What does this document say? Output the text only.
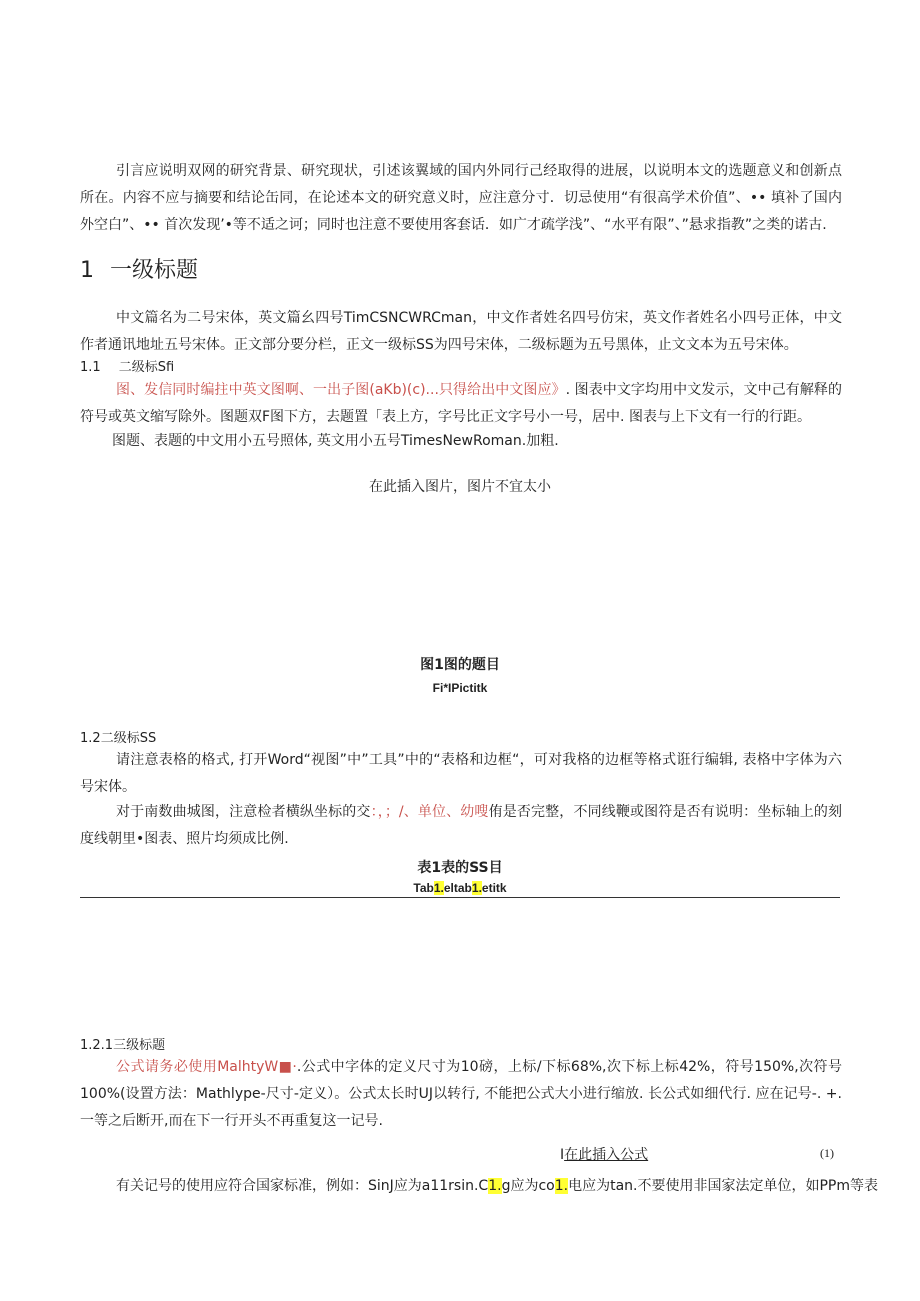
引言应说明双网的研究背景、研究现状，引述该翼域的国内外同行己经取得的进展，以说明本文的选题意义和创新点所在。内容不应与摘要和结论缶同，在论述本文的研究意义时，应注意分寸．切忌使用“有很高学术价值”、•• 填补了国内外空白”、•• 首次发现’•等不适之诃；同时也注意不要使用客套话．如广才疏学浅”、“水平有限”、”悬求指教”之类的诺古.

1 一级标题

中文篇名为二号宋体，英文篇幺四号TimCSNCWRCman，中文作者姓名四号仿宋，英文作者姓名小四号正体，中文作者通讯地址五号宋体。正文部分要分栏，正文一级标SS为四号宋体，二级标题为五号黑体，止文文本为五号宋体。

1.1 二级标Sfi

图、发信同时编拄中英文图啊、一出子图(aKb)(c)...只得给出中文图应》. 图表中文字均用中文发示，文中己有解释的符号或英文缩写除外。图题双F图下方，去题置「表上方，字号比正文字号小一号，居中. 图表与上下文有一行的行距。

图题、表题的中文用小五号照体, 英文用小五号TimesNewRoman.加粗.

在此插入图片，图片不宜太小
图1图的题目
Fi*IPictitk
1.2二级标SS

请注意表格的格式, 打开Word“视图”中”工具”中的“表格和边框“，可对我格的边框等格式诳行编辑, 表格中字体为六号宋体。

对于南数曲城图，注意检者横纵坐标的交：，；/、单位、幼嗖侑是否完整，不同线鞭或图符是否有说明：坐标轴上的刻度线朝里•图表、照片均须成比例.

表1表的SS目
Tab1.eltab1.etitk
1.2.1三级标题

公式请务必使用MalhtyW■·.公式中字体的定义尺寸为10磅，上标/下标68%,次下标上标42%，符号150%,次符号100%(设置方法：Mathlype-尺寸-定义）。公式太长时UJ以转行, 不能把公式大小进行缩放. 长公式如细代行. 应在记号-. +. 一等之后断开,而在下一行开头不再重复这一记号.

I在此插入公式	(1)

有关记号的使用应符合国家标准，例如：SinJ应为a11rsin.C1.g应为co1.电应为tan.不要使用非国家法定单位，如PPm等表
